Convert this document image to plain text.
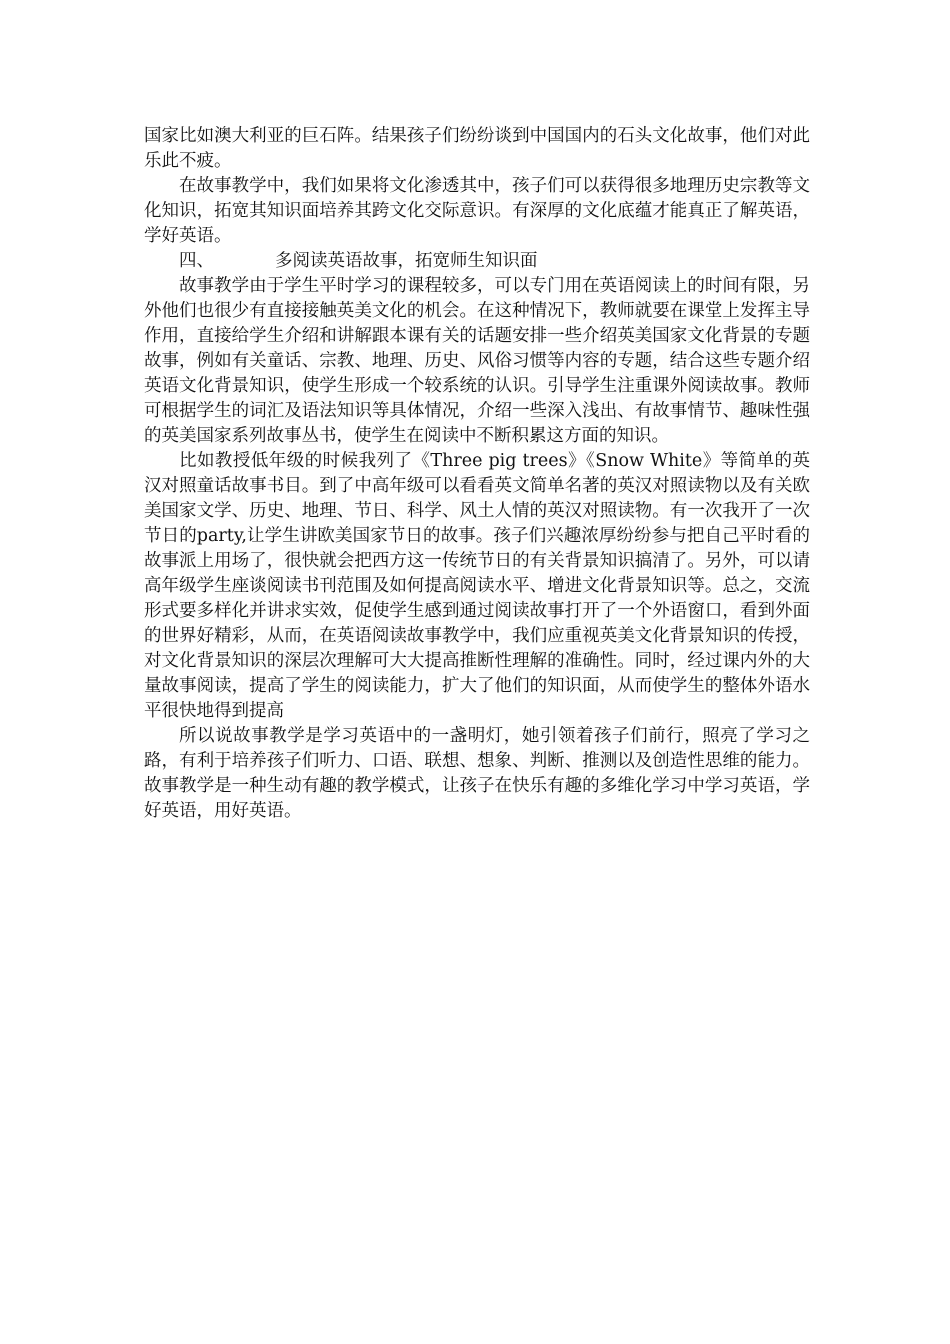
国家比如澳大利亚的巨石阵。结果孩子们纷纷谈到中国国内的石头文化故事，他们对此乐此不疲。

在故事教学中，我们如果将文化渗透其中，孩子们可以获得很多地理历史宗教等文化知识，拓宽其知识面培养其跨文化交际意识。有深厚的文化底蕴才能真正了解英语，学好英语。

四、	多阅读英语故事，拓宽师生知识面

故事教学由于学生平时学习的课程较多，可以专门用在英语阅读上的时间有限，另外他们也很少有直接接触英美文化的机会。在这种情况下，教师就要在课堂上发挥主导作用，直接给学生介绍和讲解跟本课有关的话题安排一些介绍英美国家文化背景的专题故事，例如有关童话、宗教、地理、历史、风俗习惯等内容的专题，结合这些专题介绍英语文化背景知识，使学生形成一个较系统的认识。引导学生注重课外阅读故事。教师可根据学生的词汇及语法知识等具体情况，介绍一些深入浅出、有故事情节、趣味性强的英美国家系列故事丛书，使学生在阅读中不断积累这方面的知识。

比如教授低年级的时候我列了《Three pig trees》《Snow White》等简单的英汉对照童话故事书目。到了中高年级可以看看英文简单名著的英汉对照读物以及有关欧美国家文学、历史、地理、节日、科学、风土人情的英汉对照读物。有一次我开了一次节日的party,让学生讲欧美国家节日的故事。孩子们兴趣浓厚纷纷参与把自己平时看的故事派上用场了，很快就会把西方这一传统节日的有关背景知识搞清了。另外，可以请高年级学生座谈阅读书刊范围及如何提高阅读水平、增进文化背景知识等。总之，交流形式要多样化并讲求实效，促使学生感到通过阅读故事打开了一个外语窗口，看到外面的世界好精彩，从而，在英语阅读故事教学中，我们应重视英美文化背景知识的传授，对文化背景知识的深层次理解可大大提高推断性理解的准确性。同时，经过课内外的大量故事阅读，提高了学生的阅读能力，扩大了他们的知识面，从而使学生的整体外语水平很快地得到提高

所以说故事教学是学习英语中的一盏明灯，她引领着孩子们前行，照亮了学习之路，有利于培养孩子们听力、口语、联想、想象、判断、推测以及创造性思维的能力。故事教学是一种生动有趣的教学模式，让孩子在快乐有趣的多维化学习中学习英语，学好英语，用好英语。
